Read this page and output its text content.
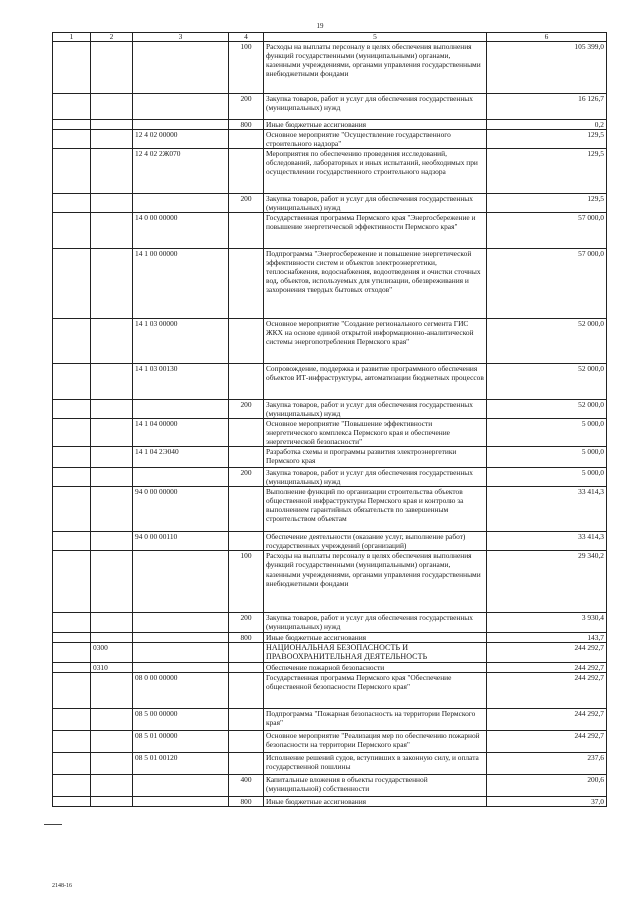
19
1	2	3	4	5	6
			100	Расходы на выплаты персоналу в целях обеспечения выполнения функций государственными (муниципальными) органами, казенными учреждениями, органами управления государственными внебюджетными фондами	105 399,0
			200	Закупка товаров, работ и услуг для обеспечения государственных (муниципальных) нужд	16 126,7
			800	Иные бюджетные ассигнования	0,2
		12 4 02 00000		Основное мероприятие "Осуществление государственного строительного надзора"	129,5
		12 4 02 2Ж070		Мероприятия по обеспечению проведения исследований, обследований, лабораторных и иных испытаний, необходимых при осуществлении государственного строительного надзора	129,5
			200	Закупка товаров, работ и услуг для обеспечения государственных (муниципальных) нужд	129,5
		14 0 00 00000		Государственная программа Пермского края "Энергосбережение и повышение энергетической эффективности Пермского края"	57 000,0
		14 1 00 00000		Подпрограмма "Энергосбережение и повышение энергетической эффективности систем и объектов электроэнергетики, теплоснабжения, водоснабжения, водоотведения и очистки сточных вод, объектов, используемых для утилизации, обезвреживания и захоронения твердых бытовых отходов"	57 000,0
		14 1 03 00000		Основное мероприятие "Создание регионального сегмента ГИС ЖКХ на основе единой открытой информационно-аналитической системы энергопотребления Пермского края"	52 000,0
		14 1 03 00130		Сопровождение, поддержка и развитие программного обеспечения объектов ИТ-инфраструктуры, автоматизации бюджетных процессов	52 000,0
			200	Закупка товаров, работ и услуг для обеспечения государственных (муниципальных) нужд	52 000,0
		14 1 04 00000		Основное мероприятие "Повышение эффективности энергетического комплекса Пермского края и обеспечение энергетической безопасности"	5 000,0
		14 1 04 2Э040		Разработка схемы и программы развития электроэнергетики Пермского края	5 000,0
			200	Закупка товаров, работ и услуг для обеспечения государственных (муниципальных) нужд	5 000,0
		94 0 00 00000		Выполнение функций по организации строительства объектов общественной инфраструктуры Пермского края и контролю за выполнением гарантийных обязательств по завершенным строительством объектам	33 414,3
		94 0 00 00110		Обеспечение деятельности (оказание услуг, выполнение работ) государственных учреждений (организаций)	33 414,3
			100	Расходы на выплаты персоналу в целях обеспечения выполнения функций государственными (муниципальными) органами, казенными учреждениями, органами управления государственными внебюджетными фондами	29 340,2
			200	Закупка товаров, работ и услуг для обеспечения государственных (муниципальных) нужд	3 930,4
			800	Иные бюджетные ассигнования	143,7
	0300			НАЦИОНАЛЬНАЯ БЕЗОПАСНОСТЬ И ПРАВООХРАНИТЕЛЬНАЯ ДЕЯТЕЛЬНОСТЬ	244 292,7
	0310			Обеспечение пожарной безопасности	244 292,7
		08 0 00 00000		Государственная программа Пермского края "Обеспечение общественной безопасности Пермского края"	244 292,7
		08 5 00 00000		Подпрограмма "Пожарная безопасность на территории Пермского края"	244 292,7
		08 5 01 00000		Основное мероприятие "Реализация мер по обеспечению пожарной безопасности на территории Пермского края"	244 292,7
		08 5 01 00120		Исполнение решений судов, вступивших в законную силу, и оплата государственной пошлины	237,6
			400	Капитальные вложения в объекты государственной (муниципальной) собственности	200,6
			800	Иные бюджетные ассигнования	37,0
2148-16
